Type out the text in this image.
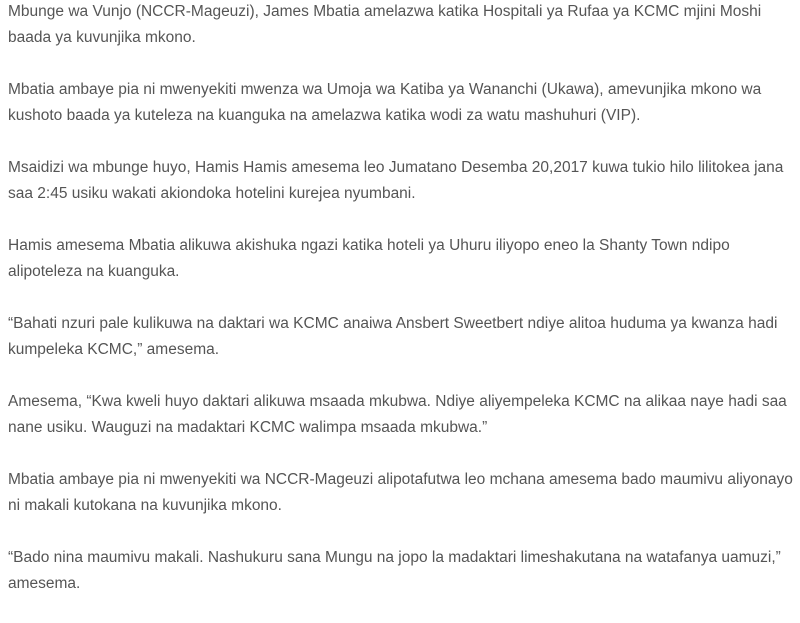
Mbunge wa Vunjo (NCCR-Mageuzi), James Mbatia amelazwa katika Hospitali ya Rufaa ya KCMC mjini Moshi baada ya kuvunjika mkono.

Mbatia ambaye pia ni mwenyekiti mwenza wa Umoja wa Katiba ya Wananchi (Ukawa), amevunjika mkono wa kushoto baada ya kuteleza na kuanguka na amelazwa katika wodi za watu mashuhuri (VIP).

Msaidizi wa mbunge huyo, Hamis Hamis amesema leo Jumatano Desemba 20,2017 kuwa tukio hilo lilitokea jana saa 2:45 usiku wakati akiondoka hotelini kurejea nyumbani.

Hamis amesema Mbatia alikuwa akishuka ngazi katika hoteli ya Uhuru iliyopo eneo la Shanty Town ndipo alipoteleza na kuanguka.

“Bahati nzuri pale kulikuwa na daktari wa KCMC anaiwa Ansbert Sweetbert ndiye alitoa huduma ya kwanza hadi kumpeleka KCMC,” amesema.

Amesema, “Kwa kweli huyo daktari alikuwa msaada mkubwa. Ndiye aliyempeleka KCMC na alikaa naye hadi saa nane usiku. Wauguzi na madaktari KCMC walimpa msaada mkubwa.”

Mbatia ambaye pia ni mwenyekiti wa NCCR-Mageuzi alipotafutwa leo mchana amesema bado maumivu aliyonayo ni makali kutokana na kuvunjika mkono.

“Bado nina maumivu makali. Nashukuru sana Mungu na jopo la madaktari limeshakutana na watafanya uamuzi,” amesema.
